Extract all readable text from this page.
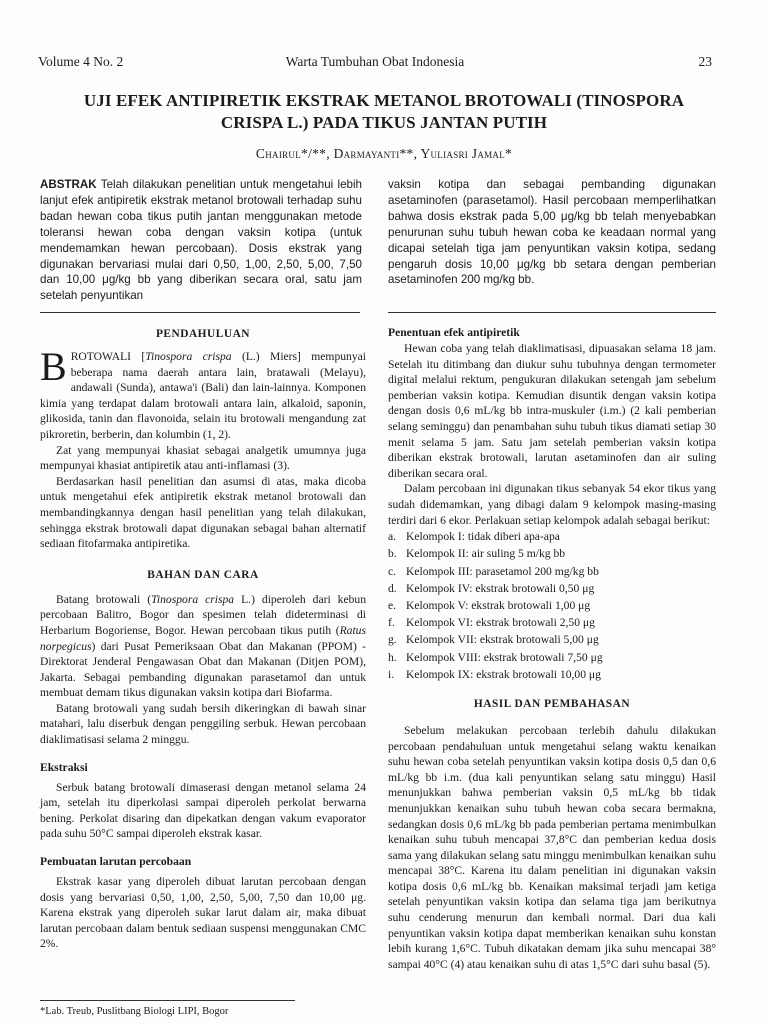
Volume 4 No. 2	Warta Tumbuhan Obat Indonesia	23
UJI EFEK ANTIPIRETIK EKSTRAK METANOL BROTOWALI (TINOSPORA
CRISPA L.) PADA TIKUS JANTAN PUTIH
Chairul*/**, Darmayanti**, Yuliasri Jamal*
ABSTRAK Telah dilakukan penelitian untuk mengetahui lebih lanjut efek antipiretik ekstrak metanol brotowali terhadap suhu badan hewan coba tikus putih jantan menggunakan metode toleransi hewan coba dengan vaksin kotipa (untuk mendemamkan hewan percobaan). Dosis ekstrak yang digunakan bervariasi mulai dari 0,50, 1,00, 2,50, 5,00, 7,50 dan 10,00 μg/kg bb yang diberikan secara oral, satu jam setelah penyuntikan
vaksin kotipa dan sebagai pembanding digunakan asetaminofen (parasetamol). Hasil percobaan memperlihatkan bahwa dosis ekstrak pada 5,00 μg/kg bb telah menyebabkan penurunan suhu tubuh hewan coba ke keadaan normal yang dicapai setelah tiga jam penyuntikan vaksin kotipa, sedang pengaruh dosis 10,00 μg/kg bb setara dengan pemberian asetaminofen 200 mg/kg bb.
PENDAHULUAN

BROTOWALI [Tinospora crispa (L.) Miers] mempunyai beberapa nama daerah antara lain, bratawali (Melayu), andawali (Sunda), antawa'i (Bali) dan lain-lainnya. Komponen kimia yang terdapat dalam brotowali antara lain, alkaloid, saponin, glikosida, tanin dan flavonoida, selain itu brotowali mengandung zat pikroretin, berberin, dan kolumbin (1, 2).

Zat yang mempunyai khasiat sebagai analgetik umumnya juga mempunyai khasiat antipiretik atau anti-inflamasi (3).

Berdasarkan hasil penelitian dan asumsi di atas, maka dicoba untuk mengetahui efek antipiretik ekstrak metanol brotowali dan membandingkannya dengan hasil penelitian yang telah dilakukan, sehingga ekstrak brotowali dapat digunakan sebagai bahan alternatif sediaan fitofarmaka antipiretika.

BAHAN DAN CARA

Batang brotowali (Tinospora crispa L.) diperoleh dari kebun percobaan Balitro, Bogor dan spesimen telah dideterminasi di Herbarium Bogoriense, Bogor. Hewan percobaan tikus putih (Ratus norpegicus) dari Pusat Pemeriksaan Obat dan Makanan (PPOM) - Direktorat Jenderal Pengawasan Obat dan Makanan (Ditjen POM), Jakarta. Sebagai pembanding digunakan parasetamol dan untuk membuat demam tikus digunakan vaksin kotipa dari Biofarma.

Batang brotowali yang sudah bersih dikeringkan di bawah sinar matahari, lalu diserbuk dengan penggiling serbuk. Hewan percobaan diaklimatisasi selama 2 minggu.

Ekstraksi

Serbuk batang brotowali dimaserasi dengan metanol selama 24 jam, setelah itu diperkolasi sampai diperoleh perkolat berwarna bening. Perkolat disaring dan dipekatkan dengan vakum evaporator pada suhu 50°C sampai diperoleh ekstrak kasar.

Pembuatan larutan percobaan

Ekstrak kasar yang diperoleh dibuat larutan percobaan dengan dosis yang bervariasi 0,50, 1,00, 2,50, 5,00, 7,50 dan 10,00 μg. Karena ekstrak yang diperoleh sukar larut dalam air, maka dibuat larutan percobaan dalam bentuk sediaan suspensi menggunakan CMC 2%.

Penentuan efek antipiretik

Hewan coba yang telah diaklimatisasi, dipuasakan selama 18 jam. Setelah itu ditimbang dan diukur suhu tubuhnya dengan termometer digital melalui rektum, pengukuran dilakukan setengah jam sebelum pemberian vaksin kotipa. Kemudian disuntik dengan vaksin kotipa dengan dosis 0,6 mL/kg bb intra-muskuler (i.m.) (2 kali pemberian selang seminggu) dan penambahan suhu tubuh tikus diamati setiap 30 menit selama 5 jam. Satu jam setelah pemberian vaksin kotipa diberikan ekstrak brotowali, larutan asetaminofen dan air suling diberikan secara oral.

Dalam percobaan ini digunakan tikus sebanyak 54 ekor tikus yang sudah didemamkan, yang dibagi dalam 9 kelompok masing-masing terdiri dari 6 ekor. Perlakuan setiap kelompok adalah sebagai berikut:

a. Kelompok I: tidak diberi apa-apa
b. Kelompok II: air suling 5 m/kg bb
c. Kelompok III: parasetamol 200 mg/kg bb
d. Kelompok IV: ekstrak brotowali 0,50 μg
e. Kelompok V: ekstrak brotowali 1,00 μg
f. Kelompok VI: ekstrak brotowali 2,50 μg
g. Kelompok VII: ekstrak brotowali 5,00 μg
h. Kelompok VIII: ekstrak brotowali 7,50 μg
i. Kelompok IX: ekstrak brotowali 10,00 μg
HASIL DAN PEMBAHASAN

Sebelum melakukan percobaan terlebih dahulu dilakukan percobaan pendahuluan untuk mengetahui selang waktu kenaikan suhu hewan coba setelah penyuntikan vaksin kotipa dosis 0,5 dan 0,6 mL/kg bb i.m. (dua kali penyuntikan selang satu minggu) Hasil menunjukkan bahwa pemberian vaksin 0,5 mL/kg bb tidak menunjukkan kenaikan suhu tubuh hewan coba secara bermakna, sedangkan dosis 0,6 mL/kg bb pada pemberian pertama menimbulkan kenaikan suhu tubuh mencapai 37,8°C dan pemberian kedua dosis sama yang dilakukan selang satu minggu menimbulkan kenaikan suhu mencapai 38°C. Karena itu dalam penelitian ini digunakan vaksin kotipa dosis 0,6 mL/kg bb. Kenaikan maksimal terjadi jam ketiga setelah penyuntikan vaksin kotipa dan selama tiga jam berikutnya suhu cenderung menurun dan kembali normal. Dari dua kali penyuntikan vaksin kotipa dapat memberikan kenaikan suhu konstan lebih kurang 1,6°C. Tubuh dikatakan demam jika suhu mencapai 38° sampai 40°C (4) atau kenaikan suhu di atas 1,5°C dari suhu basal (5).

*Lab. Treub, Puslitbang Biologi LIPI, Bogor
